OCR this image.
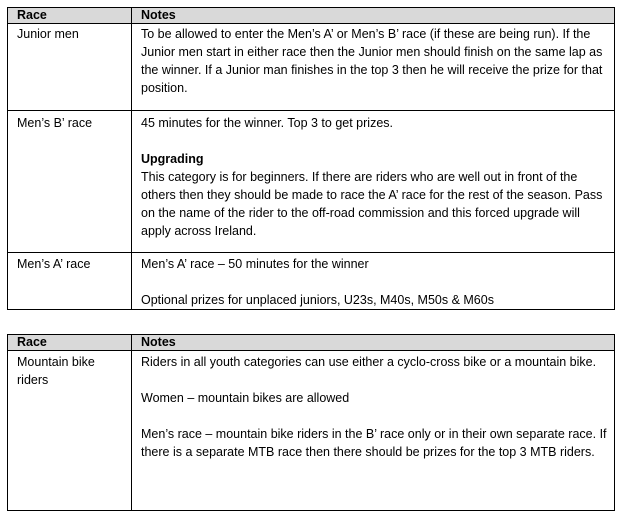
Race	Notes
Junior men	To be allowed to enter the Men’s A’ or Men’s B’ race (if these are being run). If the Junior men start in either race then the Junior men should finish on the same lap as the winner. If a Junior man finishes in the top 3 then he will receive the prize for that position.

Men’s B’ race	45 minutes for the winner. Top 3 to get prizes.

Upgrading

This category is for beginners. If there are riders who are well out in front of the others then they should be made to race the A’ race for the rest of the season. Pass on the name of the rider to the off-road commission and this forced upgrade will apply across Ireland.

Men’s A’ race	Men’s A’ race – 50 minutes for the winner

Optional prizes for unplaced juniors, U23s, M40s, M50s & M60s

Race	Notes
Mountain bike riders	Riders in all youth categories can use either a cyclo-cross bike or a mountain bike.

Women – mountain bikes are allowed

Men’s race – mountain bike riders in the B’ race only or in their own separate race. If there is a separate MTB race then there should be prizes for the top 3 MTB riders.
